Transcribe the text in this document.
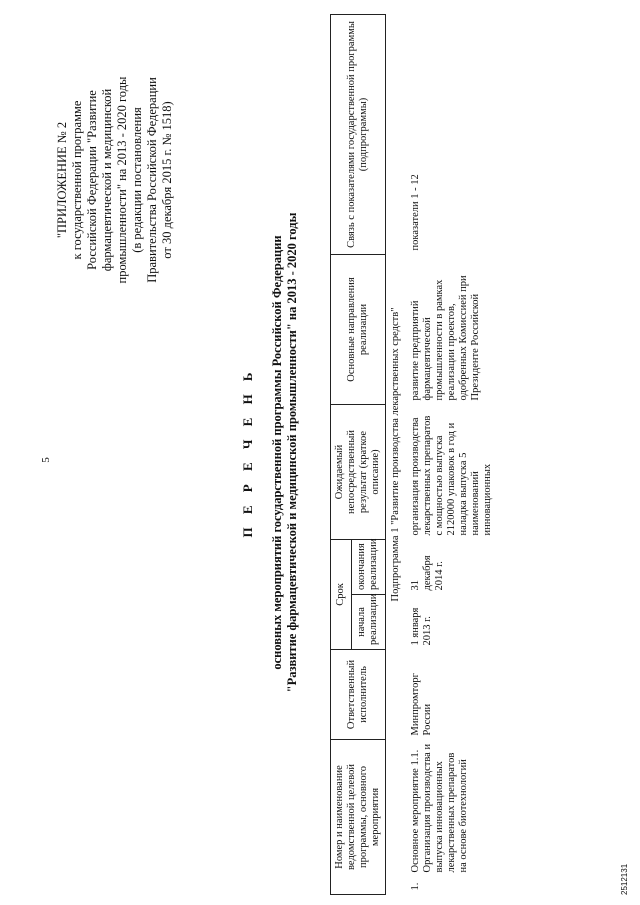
5
"ПРИЛОЖЕНИЕ № 2 к государственной программе Российской Федерации "Развитие фармацевтической и медицинской промышленности" на 2013 - 2020 годы (в редакции постановления Правительства Российской Федерации от 30 декабря 2015 г. № 1518)
П Е Р Е Ч Е Н Ь основных мероприятий государственной программы Российской Федерации "Развитие фармацевтической и медицинской промышленности" на 2013 - 2020 годы
Номер и наименование ведомственной целевой программы, основного мероприятия	Ответственный исполнитель	Срок		Ожидаемый непосредственный результат (краткое описание)	Основные направления реализации	Связь с показателями государственной программы (подпрограммы)
		начала реализации	окончания реализации			
Подпрограмма 1 "Развитие производства лекарственных средств"						

1.
Основное мероприятие 1.1. Организация производства и выпуска инновационных лекарственных препаратов на основе биотехнологий	Минпромторг России	1 января 2013 г.	31 декабря 2014 г.	организация производства лекарственных препаратов с мощностью выпуска 2120000 упаковок в год и наладка выпуска 5 наименований инновационных	развитие предприятий фармацевтической промышленности в рамках реализации проектов, одобренных Комиссией при Президенте Российской	показатели 1 - 12
2512131
